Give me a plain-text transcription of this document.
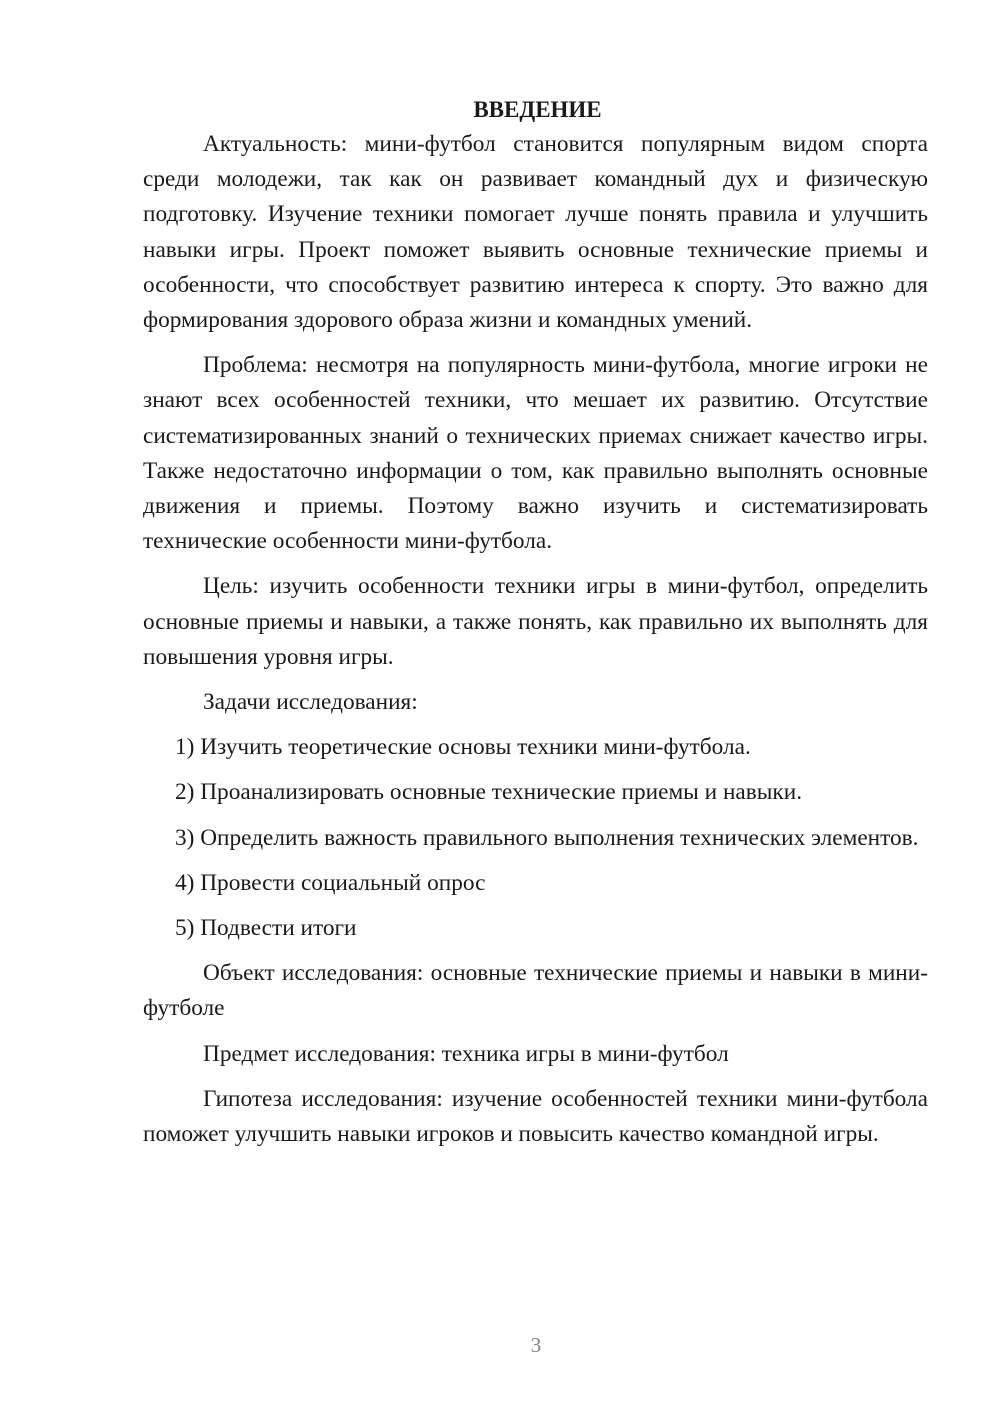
ВВЕДЕНИЕ

Актуальность: мини-футбол становится популярным видом спорта среди молодежи, так как он развивает командный дух и физическую подготовку. Изучение техники помогает лучше понять правила и улучшить навыки игры. Проект поможет выявить основные технические приемы и особенности, что способствует развитию интереса к спорту. Это важно для формирования здорового образа жизни и командных умений.

Проблема: несмотря на популярность мини-футбола, многие игроки не знают всех особенностей техники, что мешает их развитию. Отсутствие систематизированных знаний о технических приемах снижает качество игры. Также недостаточно информации о том, как правильно выполнять основные движения и приемы. Поэтому важно изучить и систематизировать технические особенности мини-футбола.

Цель: изучить особенности техники игры в мини-футбол, определить основные приемы и навыки, а также понять, как правильно их выполнять для повышения уровня игры.

Задачи исследования:

1) Изучить теоретические основы техники мини-футбола.

2) Проанализировать основные технические приемы и навыки.

3) Определить важность правильного выполнения технических элементов.

4) Провести социальный опрос

5) Подвести итоги

Объект исследования: основные технические приемы и навыки в мини-футболе

Предмет исследования: техника игры в мини-футбол

Гипотеза исследования: изучение особенностей техники мини-футбола поможет улучшить навыки игроков и повысить качество командной игры.

3
